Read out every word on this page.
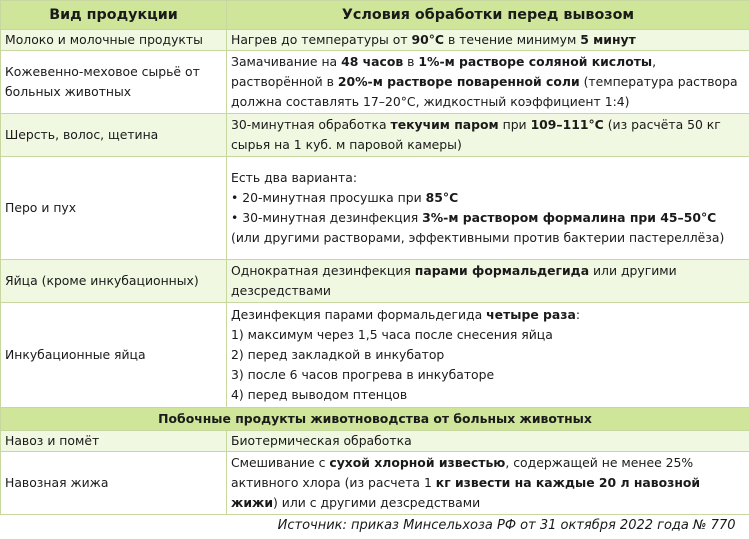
Вид продукции	Условия обработки перед вывозом
Молоко и молочные продукты	Нагрев до температуры от 90°C в течение минимум 5 минут
Кожевенно-меховое сырьё от больных животных	Замачивание на 48 часов в 1%-м растворе соляной кислоты, растворённой в 20%-м растворе поваренной соли (температура раствора должна составлять 17–20°С, жидкостный коэффициент 1:4)
Шерсть, волос, щетина	30-минутная обработка текучим паром при 109–111°С (из расчёта 50 кг сырья на 1 куб. м паровой камеры)
Перо и пух	Есть два варианта:
• 20-минутная просушка при 85°С
• 30-минутная дезинфекция 3%-м раствором формалина при 45–50°С
(или другими растворами, эффективными против бактерии пастереллёза)

Яйца (кроме инкубационных)	Однократная дезинфекция парами формальдегида или другими дезсредствами
Инкубационные яйца	Дезинфекция парами формальдегида четыре раза:
1) максимум через 1,5 часа после снесения яйца
2) перед закладкой в инкубатор
3) после 6 часов прогрева в инкубаторе
4) перед выводом птенцов

Побочные продукты животноводства от больных животных	
Навоз и помёт	Биотермическая обработка
Навозная жижа	Смешивание с сухой хлорной известью, содержащей не менее 25% активного хлора (из расчета 1 кг извести на каждые 20 л навозной жижи) или с другими дезсредствами
Источник: приказ Минсельхоза РФ от 31 октября 2022 года № 770	
